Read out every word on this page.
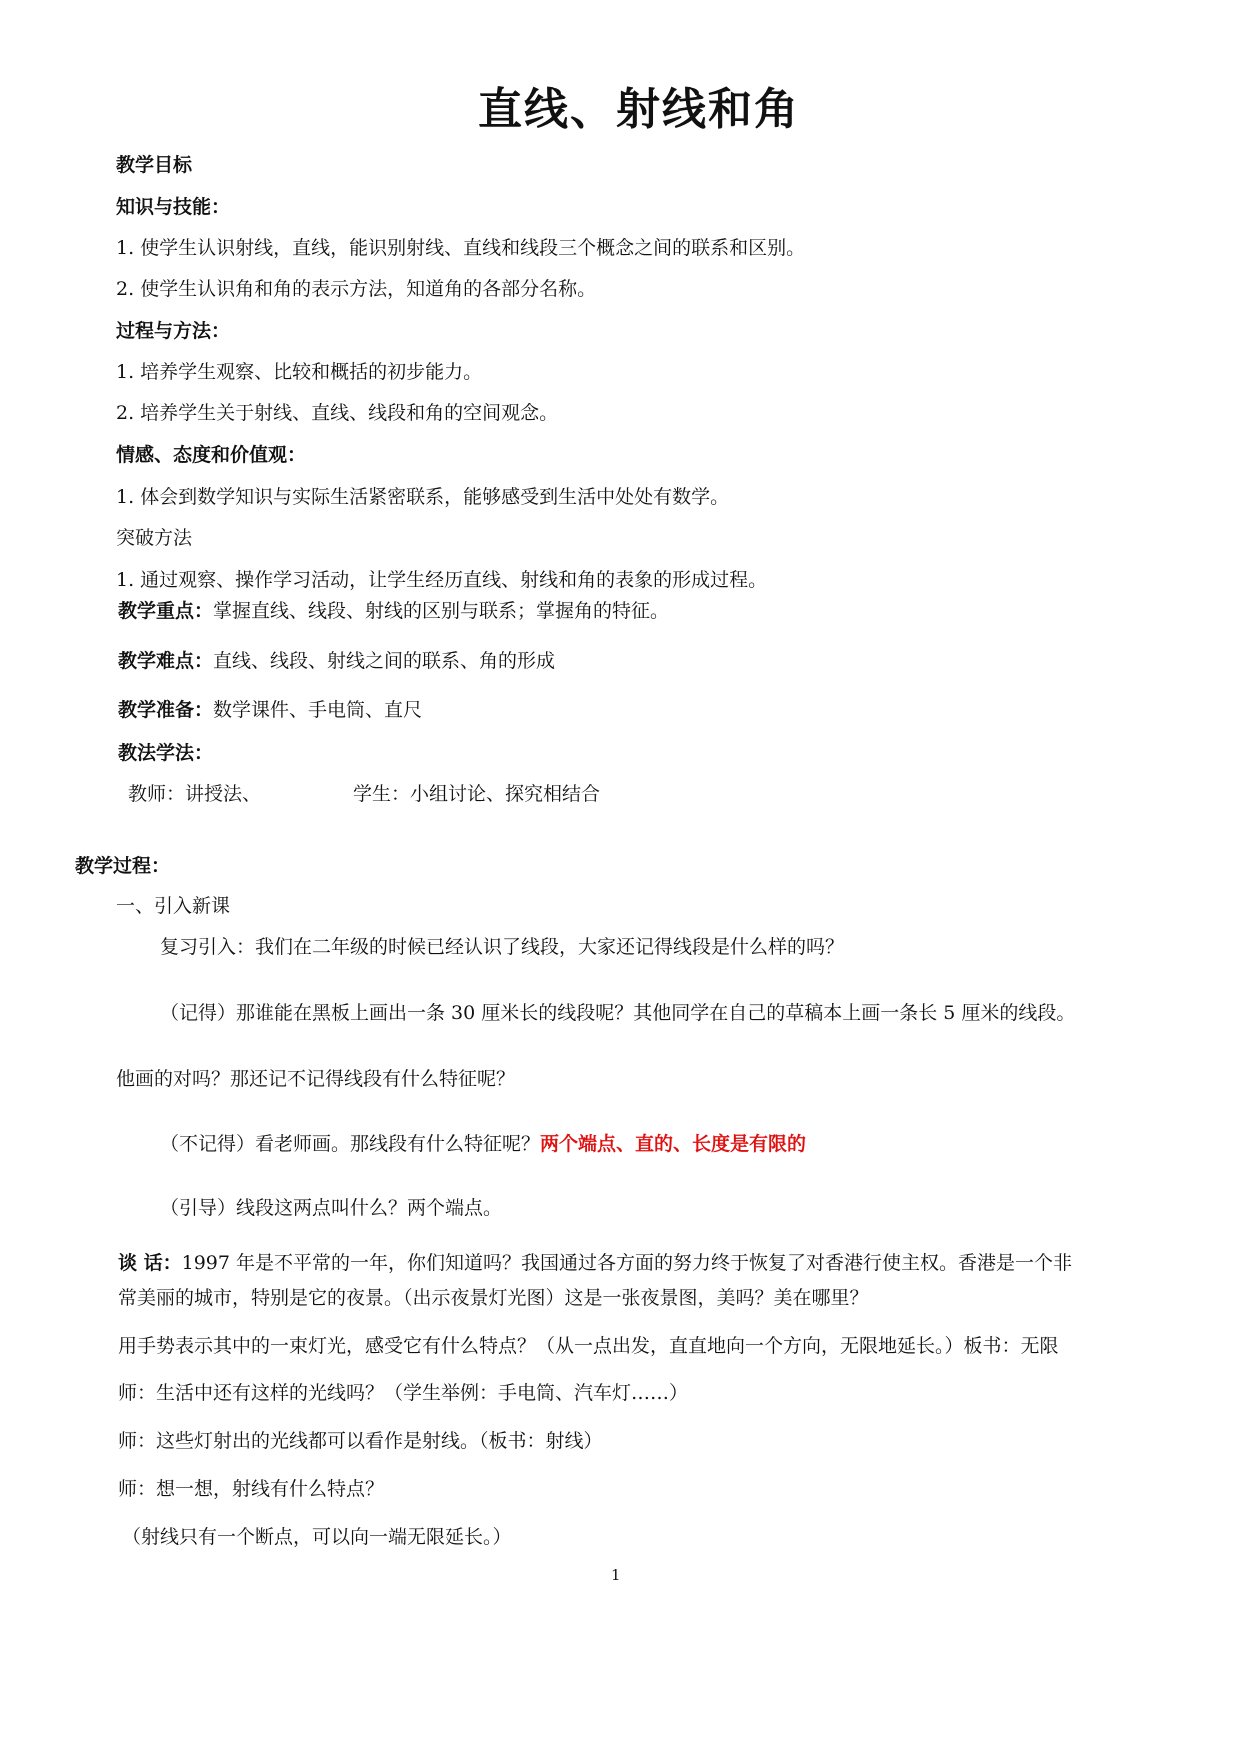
直线、射线和角
教学目标
知识与技能：
1. 使学生认识射线，直线，能识别射线、直线和线段三个概念之间的联系和区别。
2. 使学生认识角和角的表示方法，知道角的各部分名称。
过程与方法：
1. 培养学生观察、比较和概括的初步能力。
2. 培养学生关于射线、直线、线段和角的空间观念。
情感、态度和价值观：
1. 体会到数学知识与实际生活紧密联系，能够感受到生活中处处有数学。
突破方法
1. 通过观察、操作学习活动，让学生经历直线、射线和角的表象的形成过程。
教学重点：掌握直线、线段、射线的区别与联系；掌握角的特征。
教学难点：直线、线段、射线之间的联系、角的形成
教学准备：数学课件、手电筒、直尺
教法学法：
教师：讲授法、	学生：小组讨论、探究相结合
教学过程：
一、引入新课
复习引入：我们在二年级的时候已经认识了线段，大家还记得线段是什么样的吗？
（记得）那谁能在黑板上画出一条 30 厘米长的线段呢？其他同学在自己的草稿本上画一条长 5 厘米的线段。
他画的对吗？那还记不记得线段有什么特征呢？
（不记得）看老师画。那线段有什么特征呢？两个端点、直的、长度是有限的
（引导）线段这两点叫什么？两个端点。
谈 话：1997 年是不平常的一年，你们知道吗？我国通过各方面的努力终于恢复了对香港行使主权。香港是一个非
常美丽的城市，特别是它的夜景。（出示夜景灯光图）这是一张夜景图，美吗？美在哪里？
用手势表示其中的一束灯光，感受它有什么特点？（从一点出发，直直地向一个方向，无限地延长。）板书：无限
师：生活中还有这样的光线吗？（学生举例：手电筒、汽车灯……）
师：这些灯射出的光线都可以看作是射线。（板书：射线）
师：想一想，射线有什么特点？
（射线只有一个断点，可以向一端无限延长。）
1
